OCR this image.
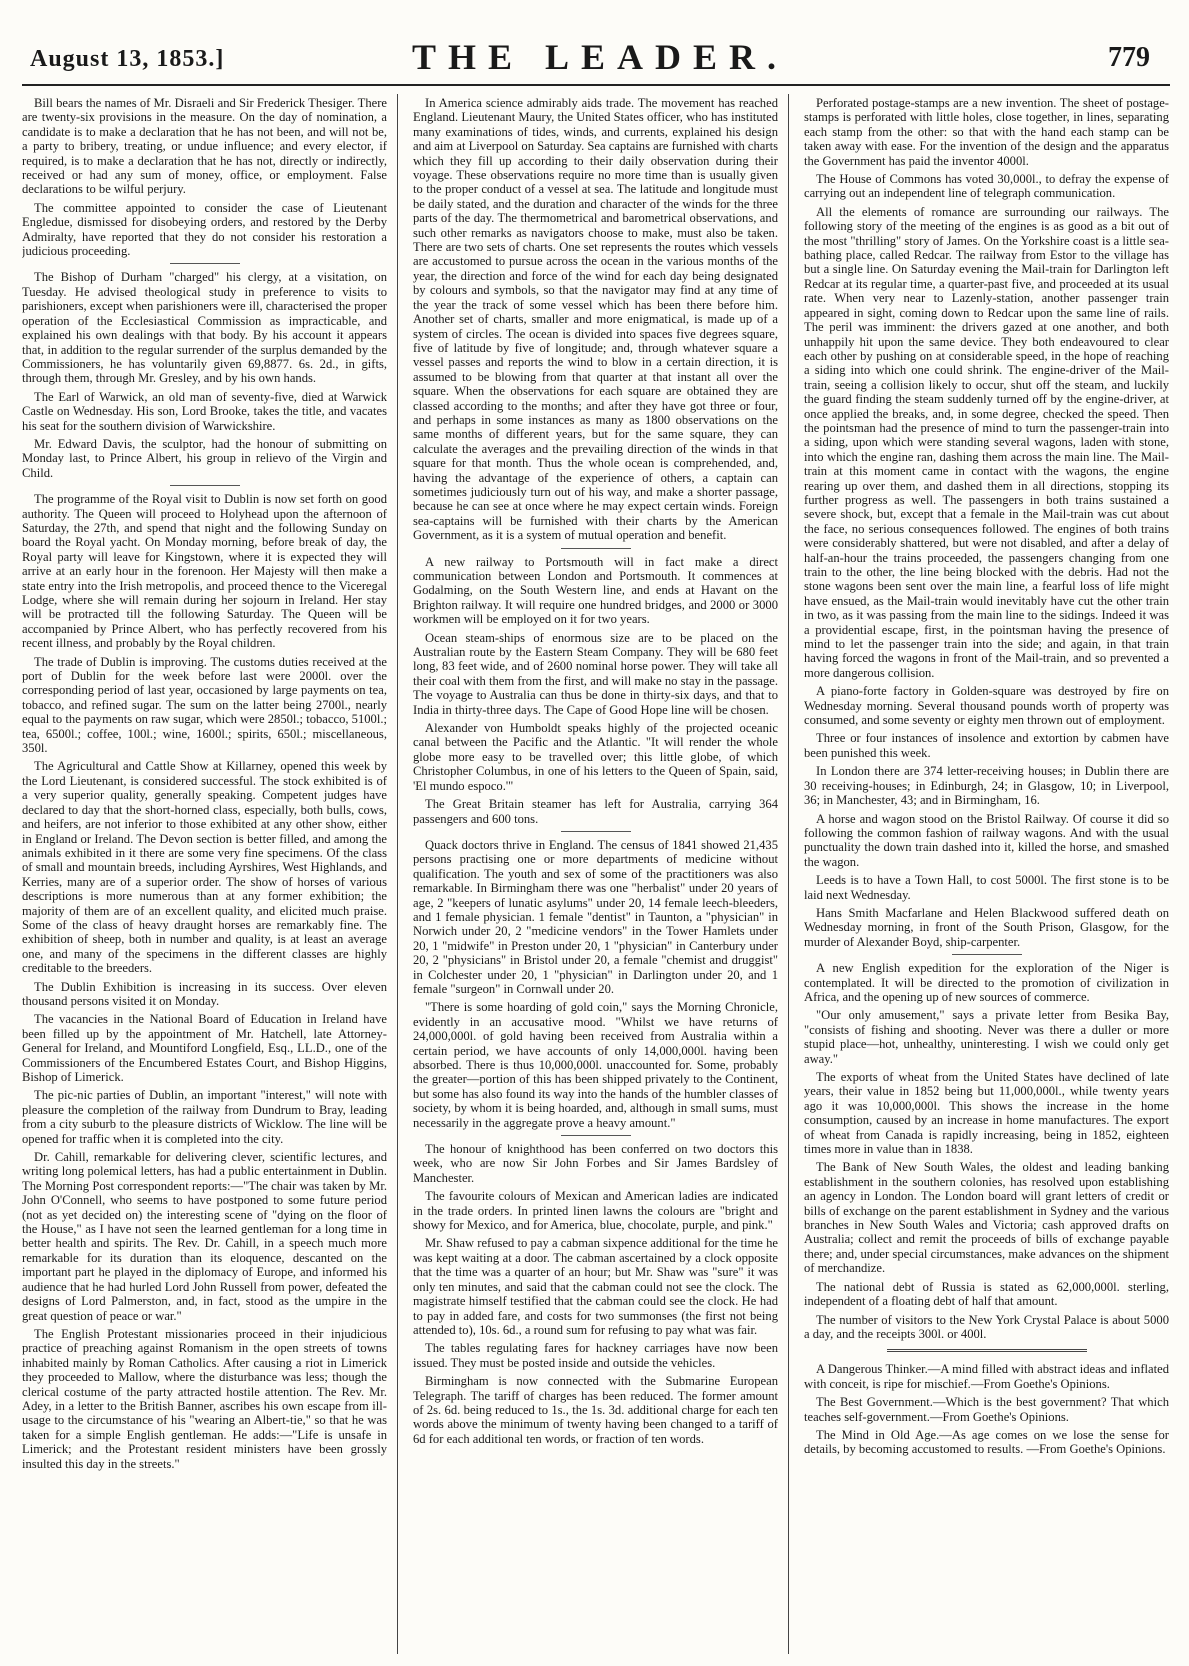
August 13, 1853.]	THE LEADER.	779

Bill bears the names of Mr. Disraeli and Sir Frederick Thesiger. There are twenty-six provisions in the measure. On the day of nomination, a candidate is to make a declaration that he has not been, and will not be, a party to bribery, treating, or undue influence; and every elector, if required, is to make a declaration that he has not, directly or indirectly, received or had any sum of money, office, or employment. False declarations to be wilful perjury.

The committee appointed to consider the case of Lieutenant Engledue, dismissed for disobeying orders, and restored by the Derby Admiralty, have reported that they do not consider his restoration a judicious proceeding.

The Bishop of Durham "charged" his clergy, at a visitation, on Tuesday. He advised theological study in preference to visits to parishioners, except when parishioners were ill, characterised the proper operation of the Ecclesiastical Commission as impracticable, and explained his own dealings with that body. By his account it appears that, in addition to the regular surrender of the surplus demanded by the Commissioners, he has voluntarily given 69,8877. 6s. 2d., in gifts, through them, through Mr. Gresley, and by his own hands.

The Earl of Warwick, an old man of seventy-five, died at Warwick Castle on Wednesday. His son, Lord Brooke, takes the title, and vacates his seat for the southern division of Warwickshire.

Mr. Edward Davis, the sculptor, had the honour of submitting on Monday last, to Prince Albert, his group in relievo of the Virgin and Child.

The programme of the Royal visit to Dublin is now set forth on good authority. The Queen will proceed to Holyhead upon the afternoon of Saturday, the 27th, and spend that night and the following Sunday on board the Royal yacht. On Monday morning, before break of day, the Royal party will leave for Kingstown, where it is expected they will arrive at an early hour in the forenoon. Her Majesty will then make a state entry into the Irish metropolis, and proceed thence to the Viceregal Lodge, where she will remain during her sojourn in Ireland. Her stay will be protracted till the following Saturday. The Queen will be accompanied by Prince Albert, who has perfectly recovered from his recent illness, and probably by the Royal children.

The trade of Dublin is improving. The customs duties received at the port of Dublin for the week before last were 2000l. over the corresponding period of last year, occasioned by large payments on tea, tobacco, and refined sugar. The sum on the latter being 2700l., nearly equal to the payments on raw sugar, which were 2850l.; tobacco, 5100l.; tea, 6500l.; coffee, 100l.; wine, 1600l.; spirits, 650l.; miscellaneous, 350l.

The Agricultural and Cattle Show at Killarney, opened this week by the Lord Lieutenant, is considered successful. The stock exhibited is of a very superior quality, generally speaking. Competent judges have declared to day that the short-horned class, especially, both bulls, cows, and heifers, are not inferior to those exhibited at any other show, either in England or Ireland. The Devon section is better filled, and among the animals exhibited in it there are some very fine specimens. Of the class of small and mountain breeds, including Ayrshires, West Highlands, and Kerries, many are of a superior order. The show of horses of various descriptions is more numerous than at any former exhibition; the majority of them are of an excellent quality, and elicited much praise. Some of the class of heavy draught horses are remarkably fine. The exhibition of sheep, both in number and quality, is at least an average one, and many of the specimens in the different classes are highly creditable to the breeders.

The Dublin Exhibition is increasing in its success. Over eleven thousand persons visited it on Monday.

The vacancies in the National Board of Education in Ireland have been filled up by the appointment of Mr. Hatchell, late Attorney-General for Ireland, and Mountiford Longfield, Esq., LL.D., one of the Commissioners of the Encumbered Estates Court, and Bishop Higgins, Bishop of Limerick.

The pic-nic parties of Dublin, an important "interest," will note with pleasure the completion of the railway from Dundrum to Bray, leading from a city suburb to the pleasure districts of Wicklow. The line will be opened for traffic when it is completed into the city.

Dr. Cahill, remarkable for delivering clever, scientific lectures, and writing long polemical letters, has had a public entertainment in Dublin. The Morning Post correspondent reports:—"The chair was taken by Mr. John O'Connell, who seems to have postponed to some future period (not as yet decided on) the interesting scene of "dying on the floor of the House," as I have not seen the learned gentleman for a long time in better health and spirits. The Rev. Dr. Cahill, in a speech much more remarkable for its duration than its eloquence, descanted on the important part he played in the diplomacy of Europe, and informed his audience that he had hurled Lord John Russell from power, defeated the designs of Lord Palmerston, and, in fact, stood as the umpire in the great question of peace or war."

The English Protestant missionaries proceed in their injudicious practice of preaching against Romanism in the open streets of towns inhabited mainly by Roman Catholics. After causing a riot in Limerick they proceeded to Mallow, where the disturbance was less; though the clerical costume of the party attracted hostile attention. The Rev. Mr. Adey, in a letter to the British Banner, ascribes his own escape from ill-usage to the circumstance of his "wearing an Albert-tie," so that he was taken for a simple English gentleman. He adds:—"Life is unsafe in Limerick; and the Protestant resident ministers have been grossly insulted this day in the streets."

In America science admirably aids trade. The movement has reached England. Lieutenant Maury, the United States officer, who has instituted many examinations of tides, winds, and currents, explained his design and aim at Liverpool on Saturday. Sea captains are furnished with charts which they fill up according to their daily observation during their voyage. These observations require no more time than is usually given to the proper conduct of a vessel at sea. The latitude and longitude must be daily stated, and the duration and character of the winds for the three parts of the day. The thermometrical and barometrical observations, and such other remarks as navigators choose to make, must also be taken. There are two sets of charts. One set represents the routes which vessels are accustomed to pursue across the ocean in the various months of the year, the direction and force of the wind for each day being designated by colours and symbols, so that the navigator may find at any time of the year the track of some vessel which has been there before him. Another set of charts, smaller and more enigmatical, is made up of a system of circles. The ocean is divided into spaces five degrees square, five of latitude by five of longitude; and, through whatever square a vessel passes and reports the wind to blow in a certain direction, it is assumed to be blowing from that quarter at that instant all over the square. When the observations for each square are obtained they are classed according to the months; and after they have got three or four, and perhaps in some instances as many as 1800 observations on the same months of different years, but for the same square, they can calculate the averages and the prevailing direction of the winds in that square for that month. Thus the whole ocean is comprehended, and, having the advantage of the experience of others, a captain can sometimes judiciously turn out of his way, and make a shorter passage, because he can see at once where he may expect certain winds. Foreign sea-captains will be furnished with their charts by the American Government, as it is a system of mutual operation and benefit.

A new railway to Portsmouth will in fact make a direct communication between London and Portsmouth. It commences at Godalming, on the South Western line, and ends at Havant on the Brighton railway. It will require one hundred bridges, and 2000 or 3000 workmen will be employed on it for two years.

Ocean steam-ships of enormous size are to be placed on the Australian route by the Eastern Steam Company. They will be 680 feet long, 83 feet wide, and of 2600 nominal horse power. They will take all their coal with them from the first, and will make no stay in the passage. The voyage to Australia can thus be done in thirty-six days, and that to India in thirty-three days. The Cape of Good Hope line will be chosen.

Alexander von Humboldt speaks highly of the projected oceanic canal between the Pacific and the Atlantic. "It will render the whole globe more easy to be travelled over; this little globe, of which Christopher Columbus, in one of his letters to the Queen of Spain, said, 'El mundo espoco.'"

The Great Britain steamer has left for Australia, carrying 364 passengers and 600 tons.

Quack doctors thrive in England. The census of 1841 showed 21,435 persons practising one or more departments of medicine without qualification. The youth and sex of some of the practitioners was also remarkable. In Birmingham there was one "herbalist" under 20 years of age, 2 "keepers of lunatic asylums" under 20, 14 female leech-bleeders, and 1 female physician. 1 female "dentist" in Taunton, a "physician" in Norwich under 20, 2 "medicine vendors" in the Tower Hamlets under 20, 1 "midwife" in Preston under 20, 1 "physician" in Canterbury under 20, 2 "physicians" in Bristol under 20, a female "chemist and druggist" in Colchester under 20, 1 "physician" in Darlington under 20, and 1 female "surgeon" in Cornwall under 20.

"There is some hoarding of gold coin," says the Morning Chronicle, evidently in an accusative mood. "Whilst we have returns of 24,000,000l. of gold having been received from Australia within a certain period, we have accounts of only 14,000,000l. having been absorbed. There is thus 10,000,000l. unaccounted for. Some, probably the greater—portion of this has been shipped privately to the Continent, but some has also found its way into the hands of the humbler classes of society, by whom it is being hoarded, and, although in small sums, must necessarily in the aggregate prove a heavy amount."

The honour of knighthood has been conferred on two doctors this week, who are now Sir John Forbes and Sir James Bardsley of Manchester.

The favourite colours of Mexican and American ladies are indicated in the trade orders. In printed linen lawns the colours are "bright and showy for Mexico, and for America, blue, chocolate, purple, and pink."

Mr. Shaw refused to pay a cabman sixpence additional for the time he was kept waiting at a door. The cabman ascertained by a clock opposite that the time was a quarter of an hour; but Mr. Shaw was "sure" it was only ten minutes, and said that the cabman could not see the clock. The magistrate himself testified that the cabman could see the clock. He had to pay in added fare, and costs for two summonses (the first not being attended to), 10s. 6d., a round sum for refusing to pay what was fair.

The tables regulating fares for hackney carriages have now been issued. They must be posted inside and outside the vehicles.

Birmingham is now connected with the Submarine European Telegraph. The tariff of charges has been reduced. The former amount of 2s. 6d. being reduced to 1s., the 1s. 3d. additional charge for each ten words above the minimum of twenty having been changed to a tariff of 6d for each additional ten words, or fraction of ten words.

Perforated postage-stamps are a new invention. The sheet of postage-stamps is perforated with little holes, close together, in lines, separating each stamp from the other: so that with the hand each stamp can be taken away with ease. For the invention of the design and the apparatus the Government has paid the inventor 4000l.

The House of Commons has voted 30,000l., to defray the expense of carrying out an independent line of telegraph communication.

All the elements of romance are surrounding our railways. The following story of the meeting of the engines is as good as a bit out of the most "thrilling" story of James. On the Yorkshire coast is a little sea-bathing place, called Redcar. The railway from Estor to the village has but a single line. On Saturday evening the Mail-train for Darlington left Redcar at its regular time, a quarter-past five, and proceeded at its usual rate. When very near to Lazenly-station, another passenger train appeared in sight, coming down to Redcar upon the same line of rails. The peril was imminent: the drivers gazed at one another, and both unhappily hit upon the same device. They both endeavoured to clear each other by pushing on at considerable speed, in the hope of reaching a siding into which one could shrink. The engine-driver of the Mail-train, seeing a collision likely to occur, shut off the steam, and luckily the guard finding the steam suddenly turned off by the engine-driver, at once applied the breaks, and, in some degree, checked the speed. Then the pointsman had the presence of mind to turn the passenger-train into a siding, upon which were standing several wagons, laden with stone, into which the engine ran, dashing them across the main line. The Mail-train at this moment came in contact with the wagons, the engine rearing up over them, and dashed them in all directions, stopping its further progress as well. The passengers in both trains sustained a severe shock, but, except that a female in the Mail-train was cut about the face, no serious consequences followed. The engines of both trains were considerably shattered, but were not disabled, and after a delay of half-an-hour the trains proceeded, the passengers changing from one train to the other, the line being blocked with the debris. Had not the stone wagons been sent over the main line, a fearful loss of life might have ensued, as the Mail-train would inevitably have cut the other train in two, as it was passing from the main line to the sidings. Indeed it was a providential escape, first, in the pointsman having the presence of mind to let the passenger train into the side; and again, in that train having forced the wagons in front of the Mail-train, and so prevented a more dangerous collision.

A piano-forte factory in Golden-square was destroyed by fire on Wednesday morning. Several thousand pounds worth of property was consumed, and some seventy or eighty men thrown out of employment.

Three or four instances of insolence and extortion by cabmen have been punished this week.

In London there are 374 letter-receiving houses; in Dublin there are 30 receiving-houses; in Edinburgh, 24; in Glasgow, 10; in Liverpool, 36; in Manchester, 43; and in Birmingham, 16.

A horse and wagon stood on the Bristol Railway. Of course it did so following the common fashion of railway wagons. And with the usual punctuality the down train dashed into it, killed the horse, and smashed the wagon.

Leeds is to have a Town Hall, to cost 5000l. The first stone is to be laid next Wednesday.

Hans Smith Macfarlane and Helen Blackwood suffered death on Wednesday morning, in front of the South Prison, Glasgow, for the murder of Alexander Boyd, ship-carpenter.

A new English expedition for the exploration of the Niger is contemplated. It will be directed to the promotion of civilization in Africa, and the opening up of new sources of commerce.

"Our only amusement," says a private letter from Besika Bay, "consists of fishing and shooting. Never was there a duller or more stupid place—hot, unhealthy, uninteresting. I wish we could only get away."

The exports of wheat from the United States have declined of late years, their value in 1852 being but 11,000,000l., while twenty years ago it was 10,000,000l. This shows the increase in the home consumption, caused by an increase in home manufactures. The export of wheat from Canada is rapidly increasing, being in 1852, eighteen times more in value than in 1838.

The Bank of New South Wales, the oldest and leading banking establishment in the southern colonies, has resolved upon establishing an agency in London. The London board will grant letters of credit or bills of exchange on the parent establishment in Sydney and the various branches in New South Wales and Victoria; cash approved drafts on Australia; collect and remit the proceeds of bills of exchange payable there; and, under special circumstances, make advances on the shipment of merchandize.

The national debt of Russia is stated as 62,000,000l. sterling, independent of a floating debt of half that amount.

The number of visitors to the New York Crystal Palace is about 5000 a day, and the receipts 300l. or 400l.

A Dangerous Thinker.—A mind filled with abstract ideas and inflated with conceit, is ripe for mischief.—From Goethe's Opinions.

The Best Government.—Which is the best government? That which teaches self-government.—From Goethe's Opinions.

The Mind in Old Age.—As age comes on we lose the sense for details, by becoming accustomed to results. —From Goethe's Opinions.
